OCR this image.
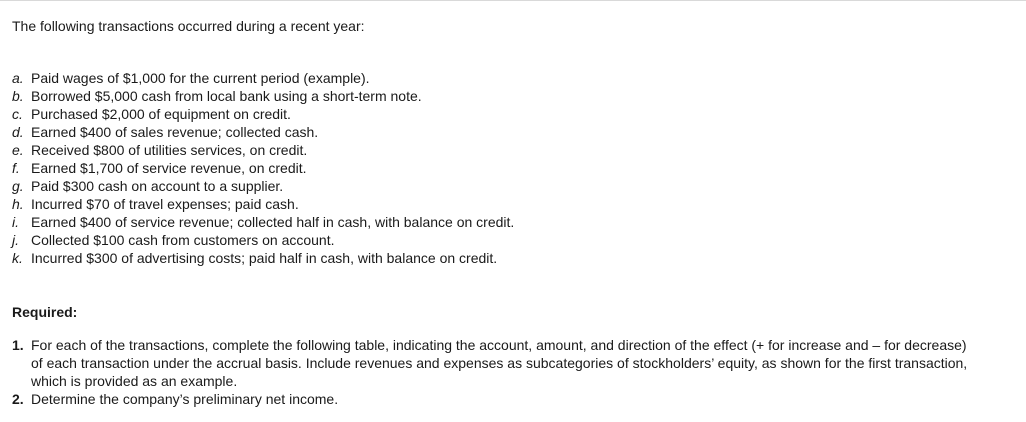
The following transactions occurred during a recent year:

a. Paid wages of $1,000 for the current period (example).
b. Borrowed $5,000 cash from local bank using a short-term note.
c. Purchased $2,000 of equipment on credit.
d. Earned $400 of sales revenue; collected cash.
e. Received $800 of utilities services, on credit.
f. Earned $1,700 of service revenue, on credit.
g. Paid $300 cash on account to a supplier.
h. Incurred $70 of travel expenses; paid cash.
i. Earned $400 of service revenue; collected half in cash, with balance on credit.
j. Collected $100 cash from customers on account.
k. Incurred $300 of advertising costs; paid half in cash, with balance on credit.

Required:

1. For each of the transactions, complete the following table, indicating the account, amount, and direction of the effect (+ for increase and – for decrease) of each transaction under the accrual basis. Include revenues and expenses as subcategories of stockholders’ equity, as shown for the first transaction, which is provided as an example.
2. Determine the company’s preliminary net income.
